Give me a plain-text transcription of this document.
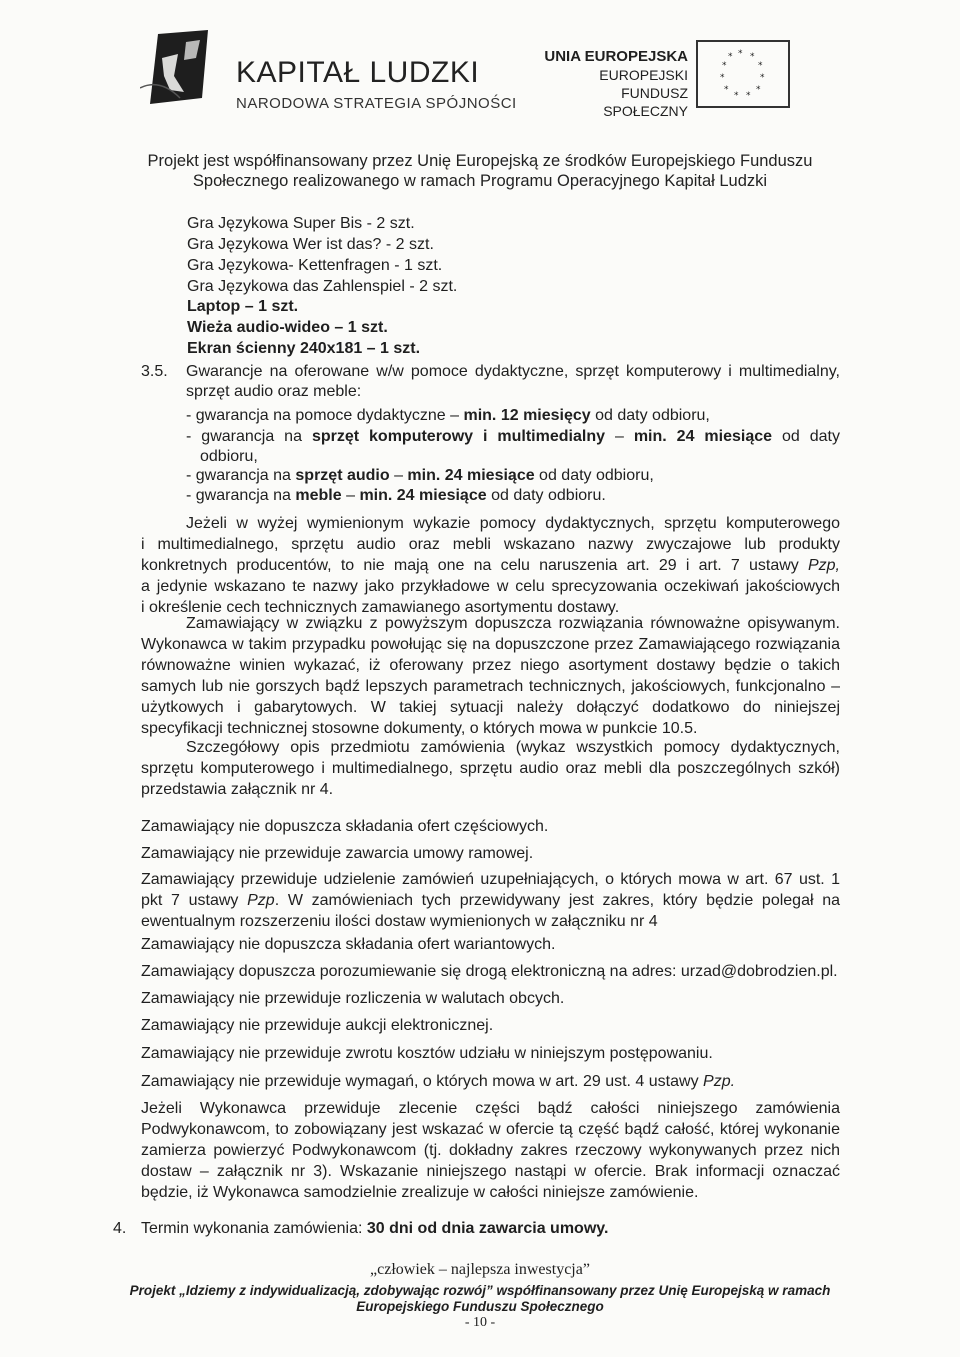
KAPITAŁ LUDZKI
NARODOWA STRATEGIA SPÓJNOŚCI
UNIA EUROPEJSKA
EUROPEJSKI
FUNDUSZ SPOŁECZNY
* *
*
*
*
*
*
*
*
*
*
Projekt jest współfinansowany przez Unię Europejską ze środków Europejskiego Funduszu
Społecznego realizowanego w ramach Programu Operacyjnego Kapitał Ludzki
Gra Językowa Super Bis - 2 szt.
Gra Językowa Wer ist das? - 2 szt.
Gra Językowa- Kettenfragen - 1 szt.
Gra Językowa das Zahlenspiel - 2 szt.
Laptop – 1 szt.
Wieża audio-wideo – 1 szt.
Ekran ścienny 240x181 – 1 szt.
3.5. Gwarancje na oferowane w/w pomoce dydaktyczne, sprzęt komputerowy i multimedialny,
sprzęt audio oraz meble:
- gwarancja na pomoce dydaktyczne – min. 12 miesięcy od daty odbioru,
- gwarancja na sprzęt komputerowy i multimedialny – min. 24 miesiące od daty
odbioru,
- gwarancja na sprzęt audio – min. 24 miesiące od daty odbioru,
- gwarancja na meble – min. 24 miesiące od daty odbioru.
Jeżeli w wyżej wymienionym wykazie pomocy dydaktycznych, sprzętu komputerowego
i multimedialnego, sprzętu audio oraz mebli wskazano nazwy zwyczajowe lub produkty
konkretnych producentów, to nie mają one na celu naruszenia art. 29 i art. 7 ustawy Pzp,
a jedynie wskazano te nazwy jako przykładowe w celu sprecyzowania oczekiwań jakościowych
i określenie cech technicznych zamawianego asortymentu dostawy.
Zamawiający w związku z powyższym dopuszcza rozwiązania równoważne opisywanym.
Wykonawca w takim przypadku powołując się na dopuszczone przez Zamawiającego rozwiązania
równoważne winien wykazać, iż oferowany przez niego asortyment dostawy będzie o takich
samych lub nie gorszych bądź lepszych parametrach technicznych, jakościowych, funkcjonalno –
użytkowych i gabarytowych. W takiej sytuacji należy dołączyć dodatkowo do niniejszej
specyfikacji technicznej stosowne dokumenty, o których mowa w punkcie 10.5.
Szczegółowy opis przedmiotu zamówienia (wykaz wszystkich pomocy dydaktycznych,
sprzętu komputerowego i multimedialnego, sprzętu audio oraz mebli dla poszczególnych szkół)
przedstawia załącznik nr 4.
Zamawiający nie dopuszcza składania ofert częściowych.
Zamawiający nie przewiduje zawarcia umowy ramowej.
Zamawiający przewiduje udzielenie zamówień uzupełniających, o których mowa w art. 67 ust. 1
pkt 7 ustawy Pzp. W zamówieniach tych przewidywany jest zakres, który będzie polegał na
ewentualnym rozszerzeniu ilości dostaw wymienionych w załączniku nr 4
Zamawiający nie dopuszcza składania ofert wariantowych.
Zamawiający dopuszcza porozumiewanie się drogą elektroniczną na adres: urzad@dobrodzien.pl.
Zamawiający nie przewiduje rozliczenia w walutach obcych.
Zamawiający nie przewiduje aukcji elektronicznej.
Zamawiający nie przewiduje zwrotu kosztów udziału w niniejszym postępowaniu.
Zamawiający nie przewiduje wymagań, o których mowa w art. 29 ust. 4 ustawy Pzp.
Jeżeli Wykonawca przewiduje zlecenie części bądź całości niniejszego zamówienia
Podwykonawcom, to zobowiązany jest wskazać w ofercie tą część bądź całość, której wykonanie
zamierza powierzyć Podwykonawcom (tj. dokładny zakres rzeczowy wykonywanych przez nich
dostaw – załącznik nr 3). Wskazanie niniejszego nastąpi w ofercie. Brak informacji oznaczać
będzie, iż Wykonawca samodzielnie zrealizuje w całości niniejsze zamówienie.
4. Termin wykonania zamówienia: 30 dni od dnia zawarcia umowy.
„człowiek – najlepsza inwestycja”
Projekt „Idziemy z indywidualizacją, zdobywając rozwój” współfinansowany przez Unię Europejską w ramach
Europejskiego Funduszu Społecznego
- 10 -
